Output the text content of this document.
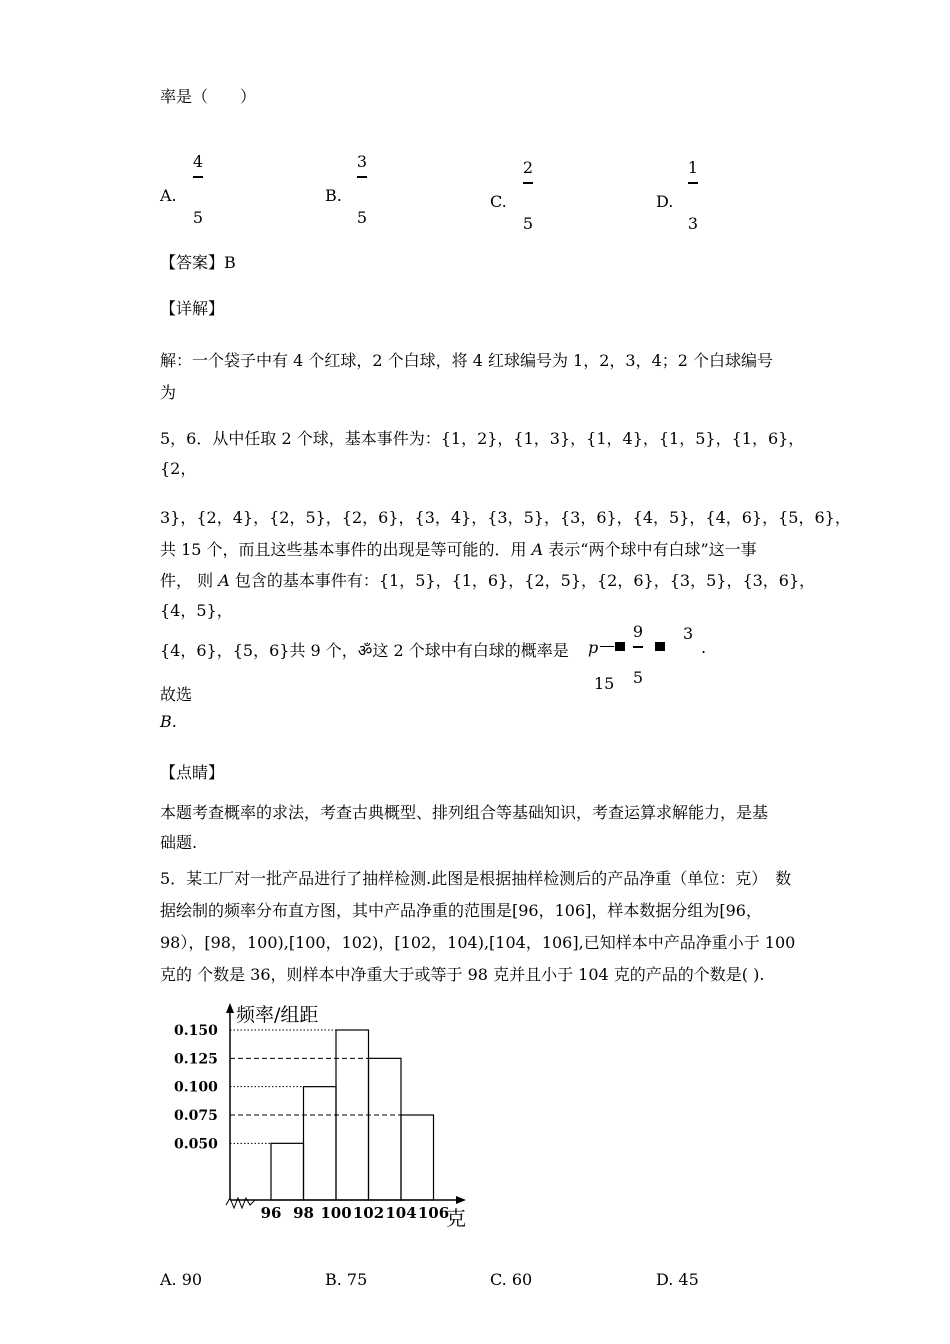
率是（　　）
A.
4
5
B.
3
5
C.
2
5
D.
1
3
【答案】B
【详解】
解：一个袋子中有 4 个红球，2 个白球，将 4 红球编号为 1，2，3，4；2 个白球编号
为
5，6．从中任取 2 个球，基本事件为：{1，2}，{1，3}，{1，4}，{1，5}，{1，6}，
{2，
3}，{2，4}，{2，5}，{2，6}，{3，4}，{3，5}，{3，6}，{4，5}，{4，6}，{5，6}，
共 15 个，而且这些基本事件的出现是等可能的．用 A 表示“两个球中有白球”这一事
件， 则 A 包含的基本事件有：{1，5}，{1，6}，{2，5}，{2，6}，{3，5}，{3，6}，
{4，5}，
{4，6}，{5，6}共 9 个，ॐ这 2 个球中有白球的概率是 p
15
9
5
3
.
故选
B.
【点睛】
本题考查概率的求法，考查古典概型、排列组合等基础知识，考查运算求解能力，是基
础题.
5．某工厂对一批产品进行了抽样检测.此图是根据抽样检测后的产品净重（单位：克）　数
据绘制的频率分布直方图，其中产品净重的范围是[96，106]，样本数据分组为[96，
98），[98，100),[100，102)，[102，104),[104，106],已知样本中产品净重小于 100
克的 个数是 36，则样本中净重大于或等于 98 克并且小于 104 克的产品的个数是( ).
频率/组距
克
0.050
0.075
0.100
0.125
0.150
96 98 100 102 104 106
A. 90	B. 75	C. 60	D. 45
